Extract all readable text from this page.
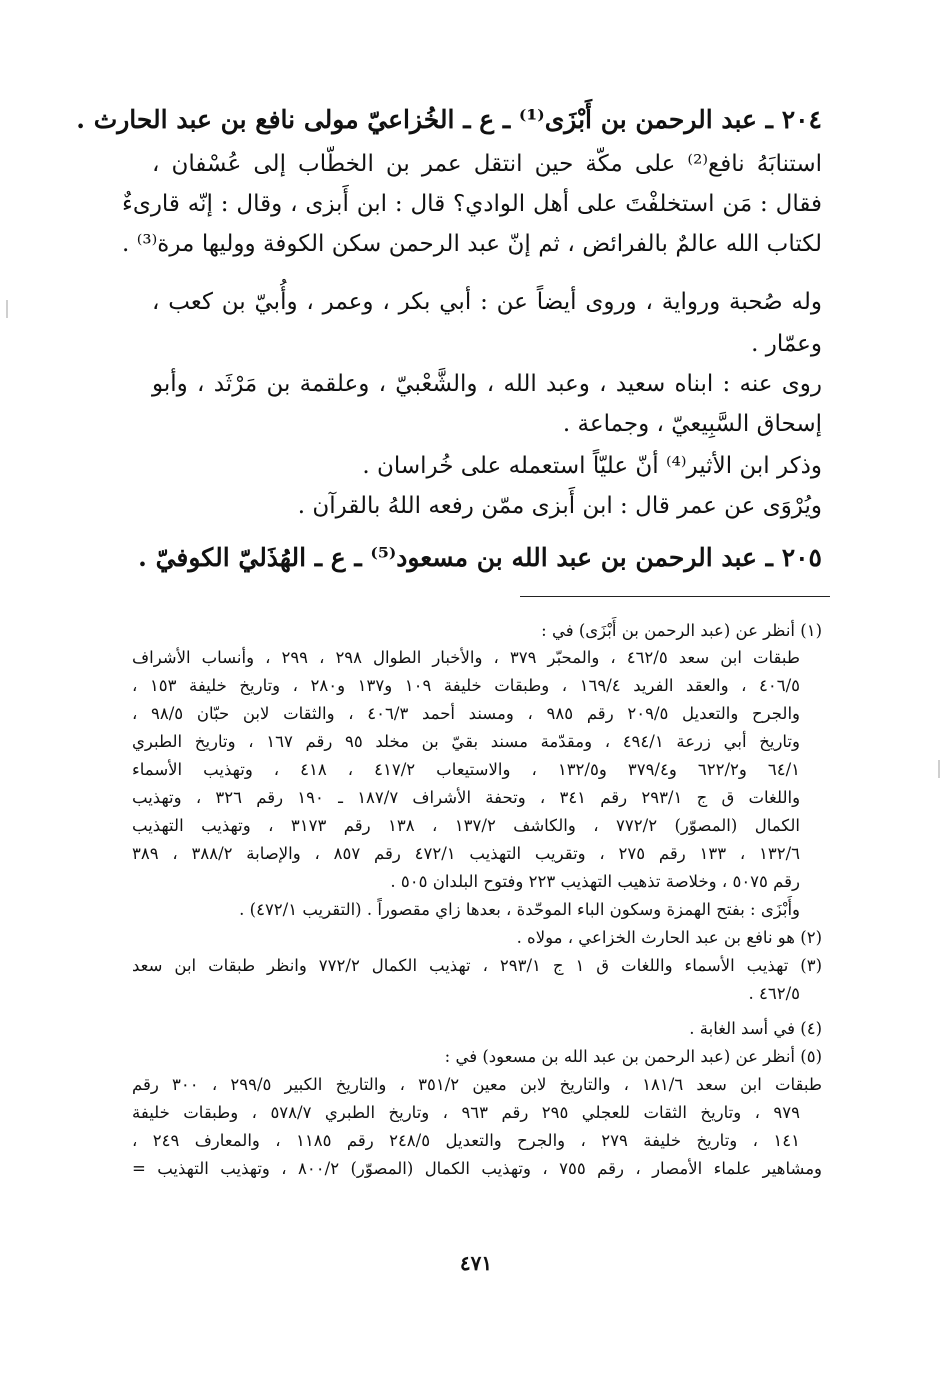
٢٠٤ ـ عبد الرحمن بن أَبْزَى⁽¹⁾ ـ ع ـ الخُزاعيّ مولى نافع بن عبد الحارث .
استنابَهُ نافع⁽²⁾ على مكّة حين انتقل عمر بن الخطّاب إلى عُسْفان ،
فقال : مَن استخلفْتَ على أهل الوادي؟ قال : ابن أَبزى ، وقال : إنّه قارىءٌ
لكتاب الله عالمٌ بالفرائض ، ثم إنّ عبد الرحمن سكن الكوفة ووليها مرة⁽³⁾ .
وله صُحبة ورواية ، وروى أيضاً عن : أبي بكر ، وعمر ، وأُبيّ بن كعب ،
وعمّار .
روى عنه : ابناه سعيد ، وعبد الله ، والشَّعْبيّ ، وعلقمة بن مَرْثَد ، وأبو
إسحاق السَّبِيعيّ ، وجماعة .
وذكر ابن الأثير⁽⁴⁾ أنّ عليّاً استعمله على خُراسان .
ويُرْوَى عن عمر قال : ابن أَبزى ممّن رفعه اللهُ بالقرآن .
٢٠٥ ـ عبد الرحمن بن عبد الله بن مسعود⁽⁵⁾ ـ ع ـ الهُذَليّ الكوفيّ .
(١) أنظر عن (عبد الرحمن بن أَبْزَى) في :
طبقات ابن سعد ٤٦٢/٥ ، والمحبّر ٣٧٩ ، والأخبار الطوال ٢٩٨ ، ٢٩٩ ، وأنساب الأشراف
٤٠٦/٥ ، والعقد الفريد ١٦٩/٤ ، وطبقات خليفة ١٠٩ و١٣٧ و٢٨٠ ، وتاريخ خليفة ١٥٣ ،
والجرح والتعديل ٢٠٩/٥ رقم ٩٨٥ ، ومسند أحمد ٤٠٦/٣ ، والثقات لابن حبّان ٩٨/٥ ،
وتاريخ أبي زرعة ٤٩٤/١ ، ومقدّمة مسند بقيّ بن مخلد ٩٥ رقم ١٦٧ ، وتاريخ الطبري
٦٤/١ و٦٢٢/٢ و٣٧٩/٤ و١٣٢/٥ ، والاستيعاب ٤١٧/٢ ، ٤١٨ ، وتهذيب الأسماء
واللغات ق ج ٢٩٣/١ رقم ٣٤١ ، وتحفة الأشراف ١٨٧/٧ ـ ١٩٠ رقم ٣٢٦ ، وتهذيب
الكمال (المصوّر) ٧٧٢/٢ ، والكاشف ١٣٧/٢ ، ١٣٨ رقم ٣١٧٣ ، وتهذيب التهذيب
١٣٢/٦ ، ١٣٣ رقم ٢٧٥ ، وتقريب التهذيب ٤٧٢/١ رقم ٨٥٧ ، والإصابة ٣٨٨/٢ ، ٣٨٩
رقم ٥٠٧٥ ، وخلاصة تذهيب التهذيب ٢٢٣ وفتوح البلدان ٥٠٥ .
وأَبْزَى : بفتح الهمزة وسكون الباء الموحّدة ، بعدها زاي مقصوراً . (التقريب ٤٧٢/١) .
(٢) هو نافع بن عبد الحارث الخزاعي ، مولاه .
(٣) تهذيب الأسماء واللغات ق ١ ج ٢٩٣/١ ، تهذيب الكمال ٧٧٢/٢ وانظر طبقات ابن سعد
٤٦٢/٥ .
(٤) في أسد الغابة .
(٥) أنظر عن (عبد الرحمن بن عبد الله بن مسعود) في :
طبقات ابن سعد ١٨١/٦ ، والتاريخ لابن معين ٣٥١/٢ ، والتاريخ الكبير ٢٩٩/٥ ، ٣٠٠ رقم
٩٧٩ ، وتاريخ الثقات للعجلي ٢٩٥ رقم ٩٦٣ ، وتاريخ الطبري ٥٧٨/٧ ، وطبقات خليفة
١٤١ ، وتاريخ خليفة ٢٧٩ ، والجرح والتعديل ٢٤٨/٥ رقم ١١٨٥ ، والمعارف ٢٤٩ ،
ومشاهير علماء الأمصار ، رقم ٧٥٥ ، وتهذيب الكمال (المصوّر) ٨٠٠/٢ ، وتهذيب التهذيب =
٤٧١
